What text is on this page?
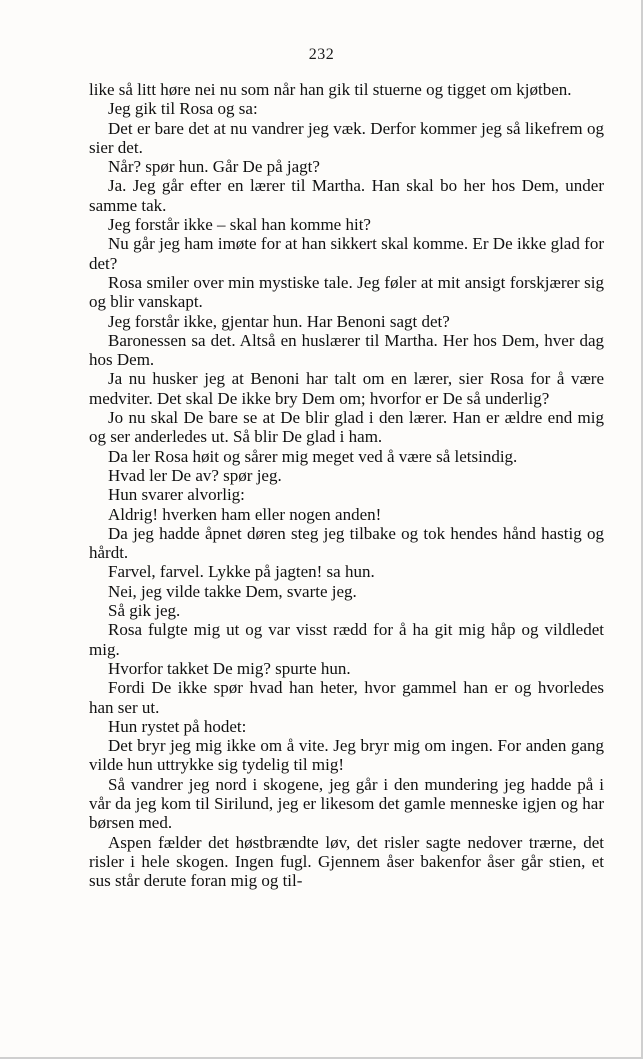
232

like så litt høre nei nu som når han gik til stuerne og tigget om kjøtben.

Jeg gik til Rosa og sa:

Det er bare det at nu vandrer jeg væk. Derfor kommer jeg så likefrem og sier det.

Når? spør hun. Går De på jagt?

Ja. Jeg går efter en lærer til Martha. Han skal bo her hos Dem, under samme tak.

Jeg forstår ikke – skal han komme hit?

Nu går jeg ham imøte for at han sikkert skal komme. Er De ikke glad for det?

Rosa smiler over min mystiske tale. Jeg føler at mit ansigt forskjærer sig og blir vanskapt.

Jeg forstår ikke, gjentar hun. Har Benoni sagt det?

Baronessen sa det. Altså en huslærer til Martha. Her hos Dem, hver dag hos Dem.

Ja nu husker jeg at Benoni har talt om en lærer, sier Rosa for å være medviter. Det skal De ikke bry Dem om; hvorfor er De så underlig?

Jo nu skal De bare se at De blir glad i den lærer. Han er ældre end mig og ser anderledes ut. Så blir De glad i ham.

Da ler Rosa høit og sårer mig meget ved å være så letsindig.

Hvad ler De av? spør jeg.

Hun svarer alvorlig:

Aldrig! hverken ham eller nogen anden!

Da jeg hadde åpnet døren steg jeg tilbake og tok hendes hånd hastig og hårdt.

Farvel, farvel. Lykke på jagten! sa hun.

Nei, jeg vilde takke Dem, svarte jeg.

Så gik jeg.

Rosa fulgte mig ut og var visst rædd for å ha git mig håp og vildledet mig.

Hvorfor takket De mig? spurte hun.

Fordi De ikke spør hvad han heter, hvor gammel han er og hvorledes han ser ut.

Hun rystet på hodet:

Det bryr jeg mig ikke om å vite. Jeg bryr mig om ingen. For anden gang vilde hun uttrykke sig tydelig til mig!

Så vandrer jeg nord i skogene, jeg går i den mundering jeg hadde på i vår da jeg kom til Sirilund, jeg er likesom det gamle menneske igjen og har børsen med.

Aspen fælder det høstbrændte løv, det risler sagte nedover trærne, det risler i hele skogen. Ingen fugl. Gjennem åser bakenfor åser går stien, et sus står derute foran mig og til-
